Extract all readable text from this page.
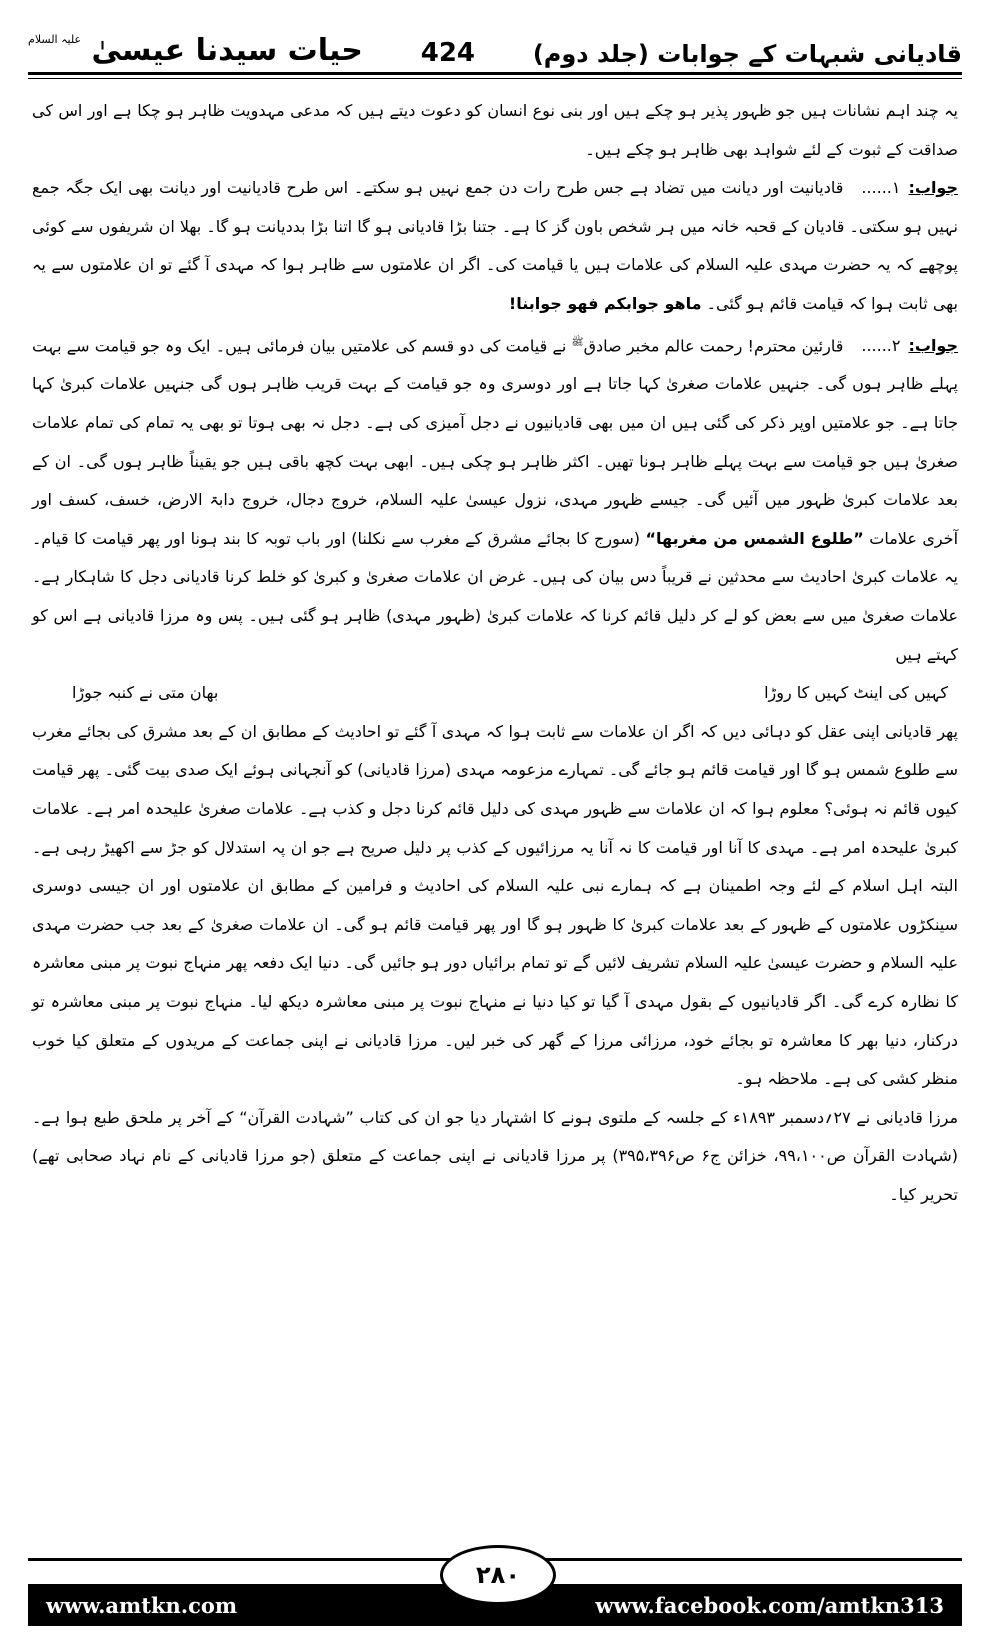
قادیانی شبہات کے جوابات (جلد دوم)
424
حیات سیدنا عیسیٰ $^{علیہ السلام}$

یہ چند اہم نشانات ہیں جو ظہور پذیر ہو چکے ہیں اور بنی نوع انسان کو دعوت دیتے ہیں کہ مدعی مہدویت ظاہر ہو چکا ہے اور اس کی صداقت کے ثبوت کے لئے شواہد بھی ظاہر ہو چکے ہیں۔

جواب:۱......قادیانیت اور دیانت میں تضاد ہے جس طرح رات دن جمع نہیں ہو سکتے۔ اس طرح قادیانیت اور دیانت بھی ایک جگہ جمع نہیں ہو سکتی۔ قادیان کے قحبہ خانہ میں ہر شخص باون گز کا ہے۔ جتنا بڑا قادیانی ہو گا اتنا بڑا بددیانت ہو گا۔ بھلا ان شریفوں سے کوئی پوچھے کہ یہ حضرت مہدی علیہ السلام کی علامات ہیں یا قیامت کی۔ اگر ان علامتوں سے ظاہر ہوا کہ مہدی آ گئے تو ان علامتوں سے یہ بھی ثابت ہوا کہ قیامت قائم ہو گئی۔ ماهو جوابكم فهو جوابنا!

جواب:۲......قارئین محترم! رحمت عالم مخبر صادق$^ﷺ$ نے قیامت کی دو قسم کی علامتیں بیان فرمائی ہیں۔ ایک وہ جو قیامت سے بہت پہلے ظاہر ہوں گی۔ جنہیں علامات صغریٰ کہا جاتا ہے اور دوسری وہ جو قیامت کے بہت قریب ظاہر ہوں گی جنہیں علامات کبریٰ کہا جاتا ہے۔ جو علامتیں اوپر ذکر کی گئی ہیں ان میں بھی قادیانیوں نے دجل آمیزی کی ہے۔ دجل نہ بھی ہوتا تو بھی یہ تمام کی تمام علامات صغریٰ ہیں جو قیامت سے بہت پہلے ظاہر ہونا تھیں۔ اکثر ظاہر ہو چکی ہیں۔ ابھی بہت کچھ باقی ہیں جو یقیناً ظاہر ہوں گی۔ ان کے بعد علامات کبریٰ ظہور میں آئیں گی۔ جیسے ظہور مہدی، نزول عیسیٰ علیہ السلام، خروج دجال، خروج دابۃ الارض، خسف، کسف اور آخری علامات ”طلوع الشمس من مغربها“ (سورج کا بجائے مشرق کے مغرب سے نکلنا) اور باب توبہ کا بند ہونا اور پھر قیامت کا قیام۔ یہ علامات کبریٰ احادیث سے محدثین نے قریباً دس بیان کی ہیں۔ غرض ان علامات صغریٰ و کبریٰ کو خلط کرنا قادیانی دجل کا شاہکار ہے۔ علامات صغریٰ میں سے بعض کو لے کر دلیل قائم کرنا کہ علامات کبریٰ (ظہور مہدی) ظاہر ہو گئی ہیں۔ پس وہ مرزا قادیانی ہے اس کو کہتے ہیں

کہیں کی اینٹ کہیں کا روڑا
بھان متی نے کنبہ جوڑا

پھر قادیانی اپنی عقل کو دہائی دیں کہ اگر ان علامات سے ثابت ہوا کہ مہدی آ گئے تو احادیث کے مطابق ان کے بعد مشرق کی بجائے مغرب سے طلوع شمس ہو گا اور قیامت قائم ہو جائے گی۔ تمہارے مزعومہ مہدی (مرزا قادیانی) کو آنجہانی ہوئے ایک صدی بیت گئی۔ پھر قیامت کیوں قائم نہ ہوئی؟ معلوم ہوا کہ ان علامات سے ظہور مہدی کی دلیل قائم کرنا دجل و کذب ہے۔ علامات صغریٰ علیحدہ امر ہے۔ علامات کبریٰ علیحدہ امر ہے۔ مہدی کا آنا اور قیامت کا نہ آنا یہ مرزائیوں کے کذب پر دلیل صریح ہے جو ان پہ استدلال کو جڑ سے اکھیڑ رہی ہے۔ البتہ اہل اسلام کے لئے وجہ اطمینان ہے کہ ہمارے نبی علیہ السلام کی احادیث و فرامین کے مطابق ان علامتوں اور ان جیسی دوسری سینکڑوں علامتوں کے ظہور کے بعد علامات کبریٰ کا ظہور ہو گا اور پھر قیامت قائم ہو گی۔ ان علامات صغریٰ کے بعد جب حضرت مہدی علیہ السلام و حضرت عیسیٰ علیہ السلام تشریف لائیں گے تو تمام برائیاں دور ہو جائیں گی۔ دنیا ایک دفعہ پھر منہاج نبوت پر مبنی معاشرہ کا نظارہ کرے گی۔ اگر قادیانیوں کے بقول مہدی آ گیا تو کیا دنیا نے منہاج نبوت پر مبنی معاشرہ دیکھ لیا۔ منہاج نبوت پر مبنی معاشرہ تو درکنار، دنیا بھر کا معاشرہ تو بجائے خود، مرزائی مرزا کے گھر کی خبر لیں۔ مرزا قادیانی نے اپنی جماعت کے مریدوں کے متعلق کیا خوب منظر کشی کی ہے۔ ملاحظہ ہو۔

مرزا قادیانی نے ۲۷؍دسمبر ۱۸۹۳ء کے جلسہ کے ملتوی ہونے کا اشتہار دیا جو ان کی کتاب ”شہادت القرآن“ کے آخر پر ملحق طبع ہوا ہے۔ (شہادت القرآن ص۹۹،۱۰۰، خزائن ج۶ ص۳۹۵،۳۹۶) پر مرزا قادیانی نے اپنی جماعت کے متعلق (جو مرزا قادیانی کے نام نہاد صحابی تھے) تحریر کیا۔

www.amtkn.com	www.facebook.com/amtkn313
۲۸۰
